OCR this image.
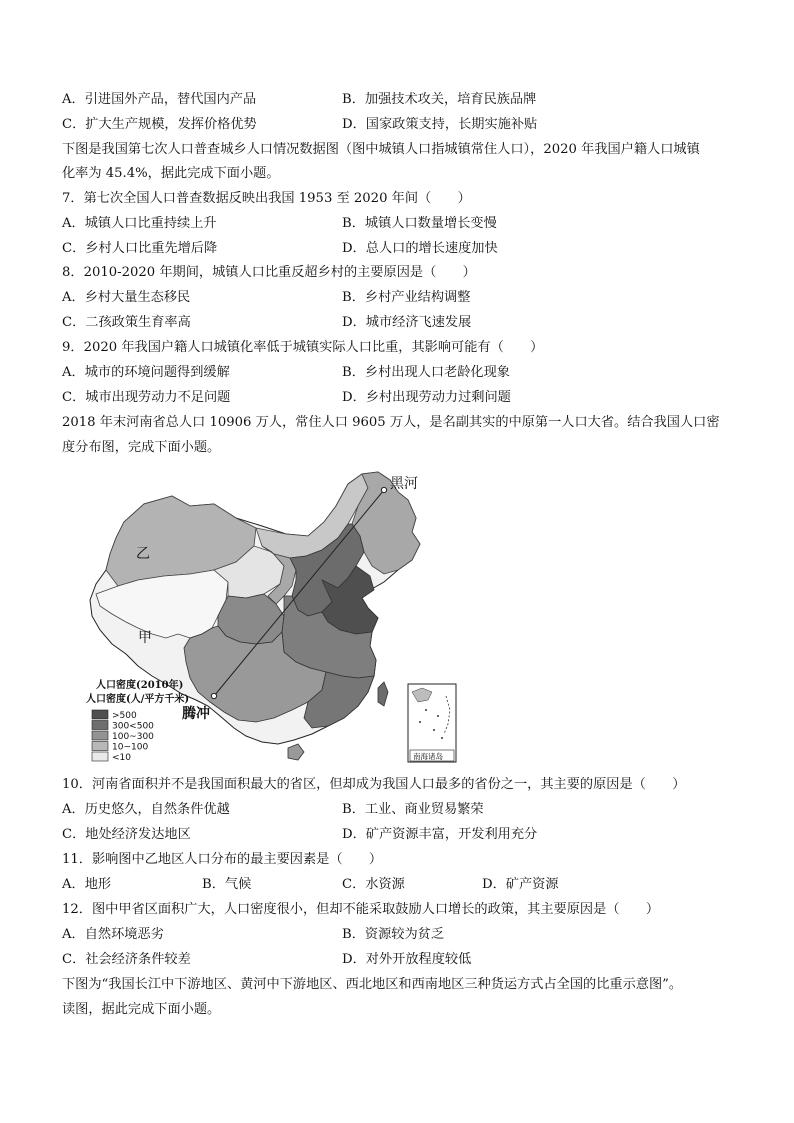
A．引进国外产品，替代国内产品	B．加强技术攻关，培育民族品牌
C．扩大生产规模，发挥价格优势	D．国家政策支持，长期实施补贴
下图是我国第七次人口普查城乡人口情况数据图（图中城镇人口指城镇常住人口），2020 年我国户籍人口城镇
化率为 45.4%，据此完成下面小题。
7．第七次全国人口普查数据反映出我国 1953 至 2020 年间（　　）
A．城镇人口比重持续上升	B．城镇人口数量增长变慢
C．乡村人口比重先增后降	D．总人口的增长速度加快
8．2010-2020 年期间，城镇人口比重反超乡村的主要原因是（　　）
A．乡村大量生态移民	B．乡村产业结构调整
C．二孩政策生育率高	D．城市经济飞速发展
9．2020 年我国户籍人口城镇化率低于城镇实际人口比重，其影响可能有（　　）
A．城市的环境问题得到缓解	B．乡村出现人口老龄化现象
C．城市出现劳动力不足问题	D．乡村出现劳动力过剩问题
2018 年末河南省总人口 10906 万人，常住人口 9605 万人，是名副其实的中原第一人口大省。结合我国人口密
度分布图，完成下面小题。
黑河
腾冲
乙
甲
人口密度(2010年)
人口密度(人/平方千米)
>500
300<500
100~300
10~100
<10	南海诸岛
10．河南省面积并不是我国面积最大的省区，但却成为我国人口最多的省份之一，其主要的原因是（　　）
A．历史悠久，自然条件优越	B．工业、商业贸易繁荣
C．地处经济发达地区	D．矿产资源丰富，开发利用充分
11．影响图中乙地区人口分布的最主要因素是（　　）
A．地形	B．气候	C．水资源	D．矿产资源
12．图中甲省区面积广大，人口密度很小，但却不能采取鼓励人口增长的政策，其主要原因是（　　）
A．自然环境恶劣	B．资源较为贫乏
C．社会经济条件较差	D．对外开放程度较低
下图为“我国长江中下游地区、黄河中下游地区、西北地区和西南地区三种货运方式占全国的比重示意图”。
读图，据此完成下面小题。
